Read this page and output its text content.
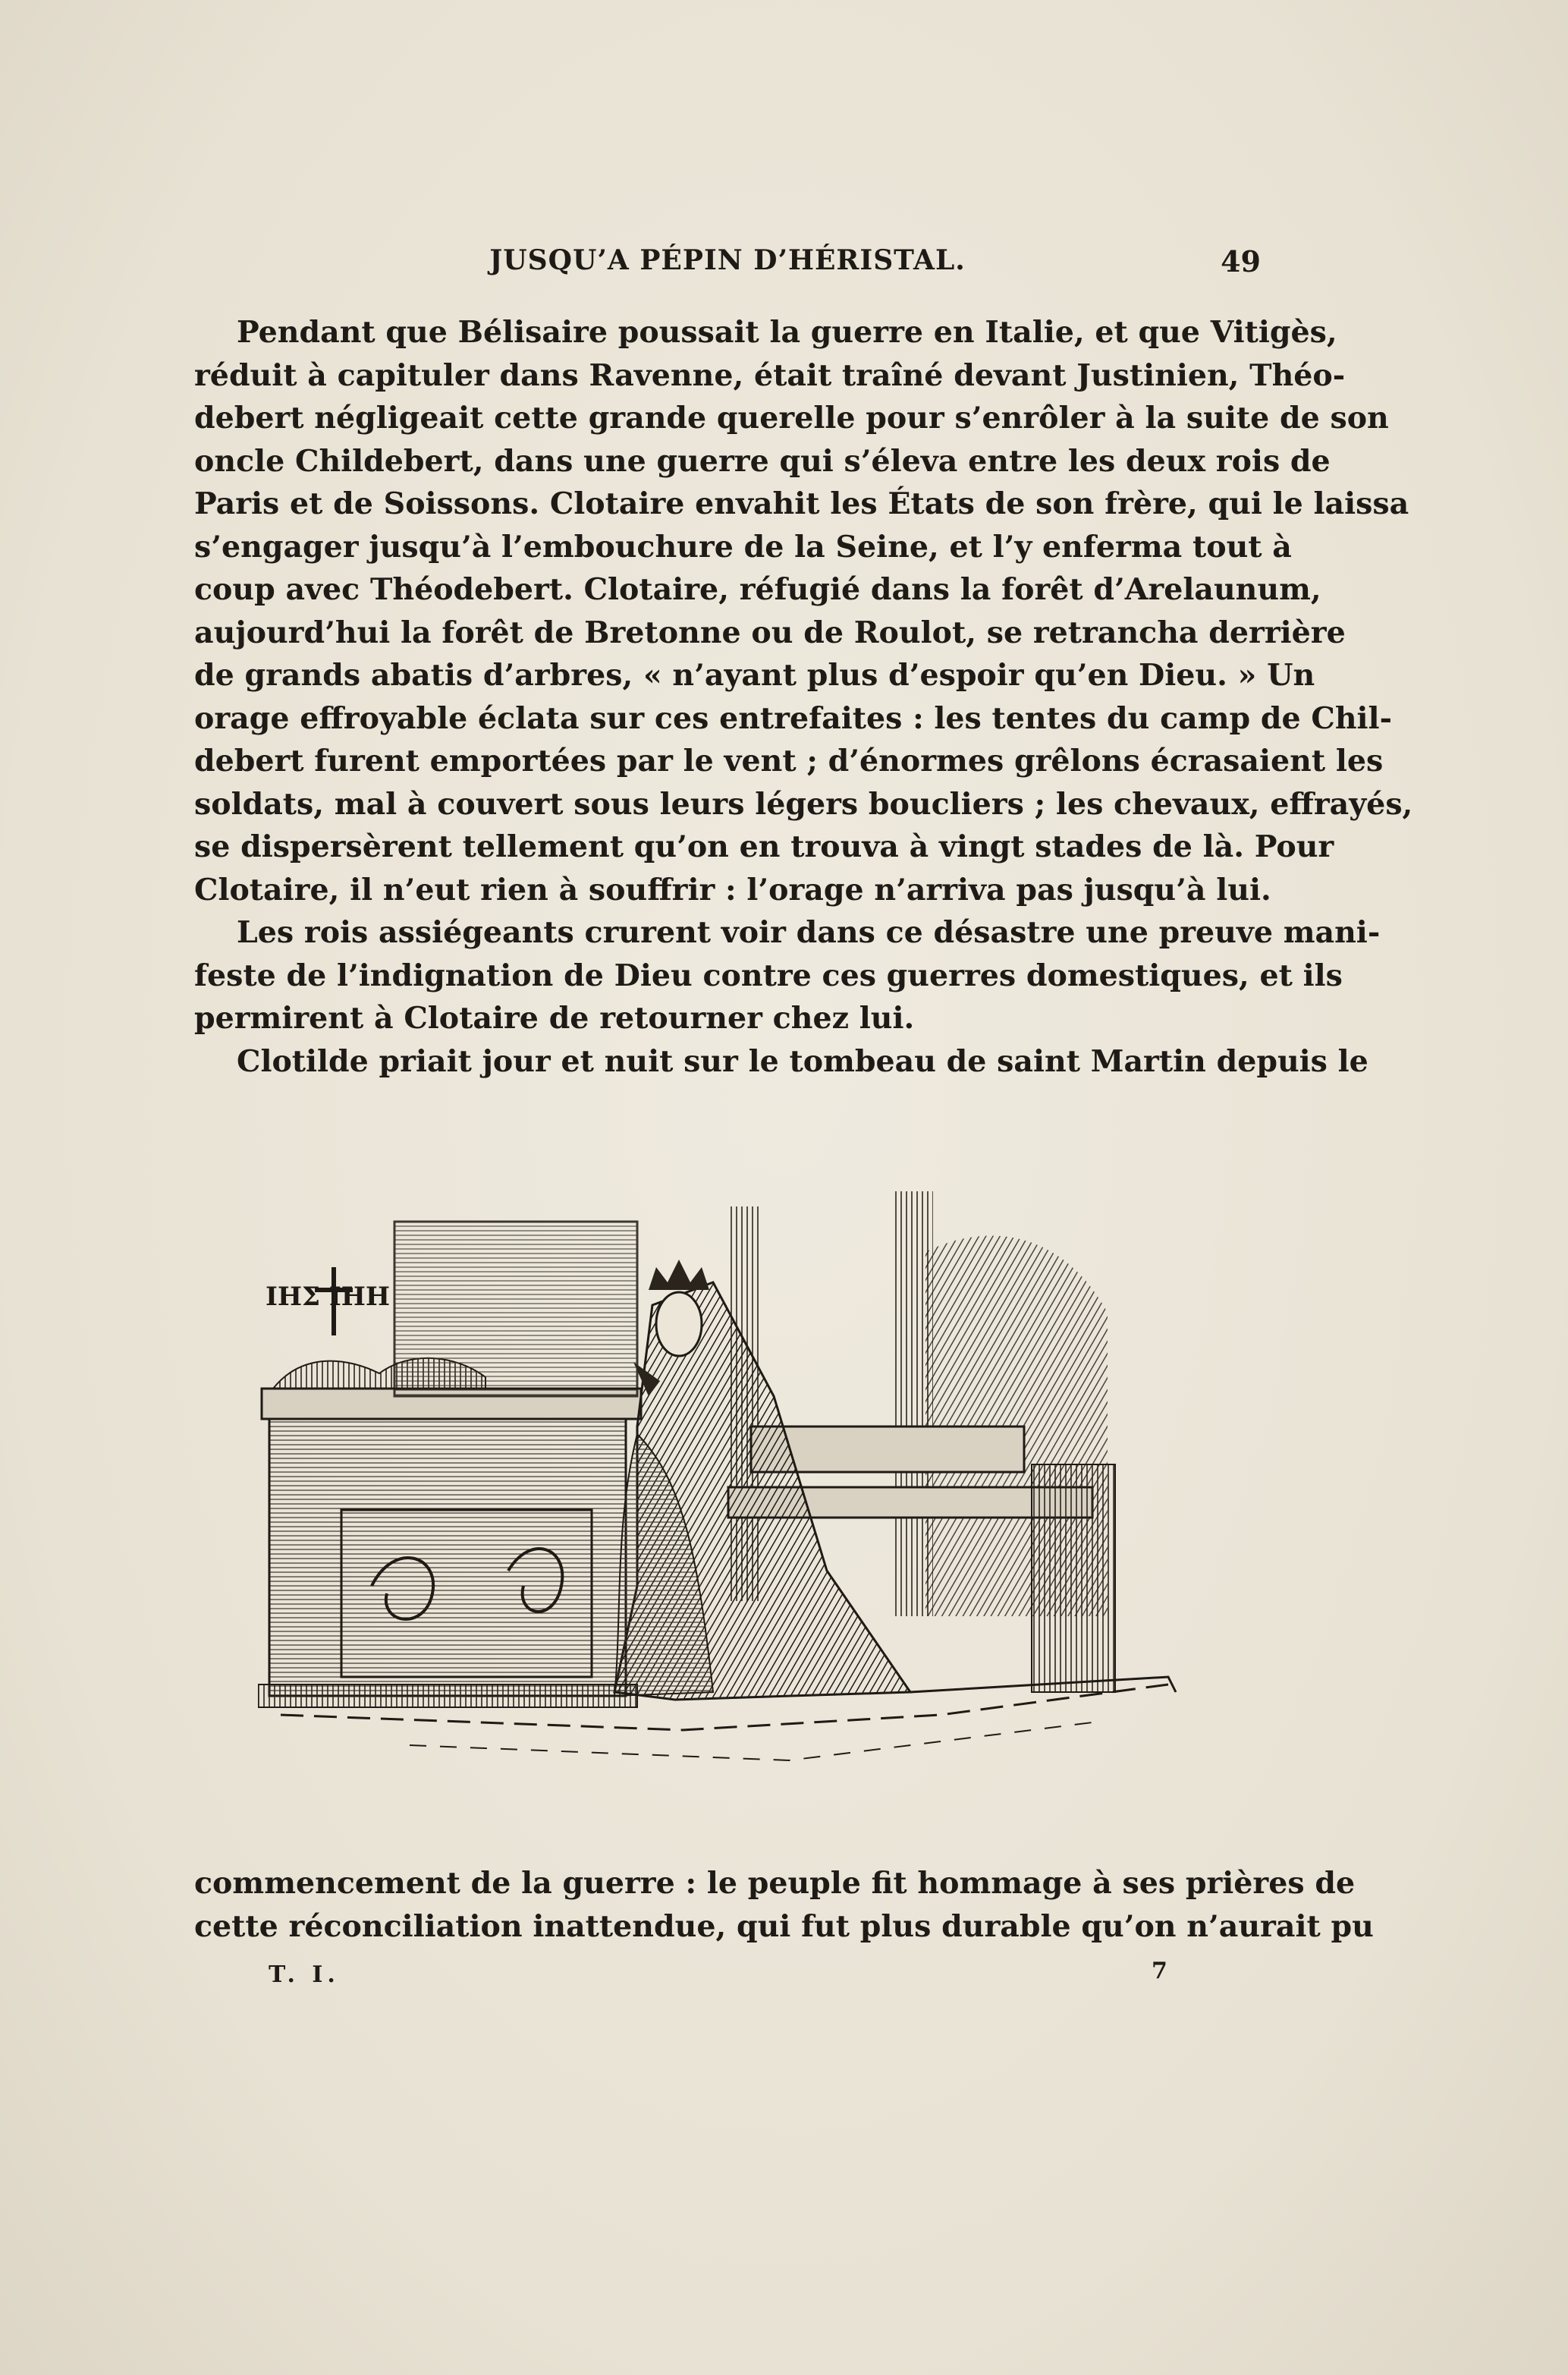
JUSQU’A PÉPIN D’HÉRISTAL.	49
Pendant que Bélisaire poussait la guerre en Italie, et que Vitigès,
réduit à capituler dans Ravenne, était traîné devant Justinien, Théo-
debert négligeait cette grande querelle pour s’enrôler à la suite de son
oncle Childebert, dans une guerre qui s’éleva entre les deux rois de
Paris et de Soissons. Clotaire envahit les États de son frère, qui le laissa
s’engager jusqu’à l’embouchure de la Seine, et l’y enferma tout à
coup avec Théodebert. Clotaire, réfugié dans la forêt d’Arelaunum,
aujourd’hui la forêt de Bretonne ou de Roulot, se retrancha derrière
de grands abatis d’arbres, « n’ayant plus d’espoir qu’en Dieu. » Un
orage effroyable éclata sur ces entrefaites : les tentes du camp de Chil-
debert furent emportées par le vent ; d’énormes grêlons écrasaient les
soldats, mal à couvert sous leurs légers boucliers ; les chevaux, effrayés,
se dispersèrent tellement qu’on en trouva à vingt stades de là. Pour
Clotaire, il n’eut rien à souffrir : l’orage n’arriva pas jusqu’à lui.
Les rois assiégeants crurent voir dans ce désastre une preuve mani-
feste de l’indignation de Dieu contre ces guerres domestiques, et ils
permirent à Clotaire de retourner chez lui.
Clotilde priait jour et nuit sur le tombeau de saint Martin depuis le
ΙΗΣ ΙΗΗ
commencement de la guerre : le peuple fit hommage à ses prières de
cette réconciliation inattendue, qui fut plus durable qu’on n’aurait pu
T. I.	7
